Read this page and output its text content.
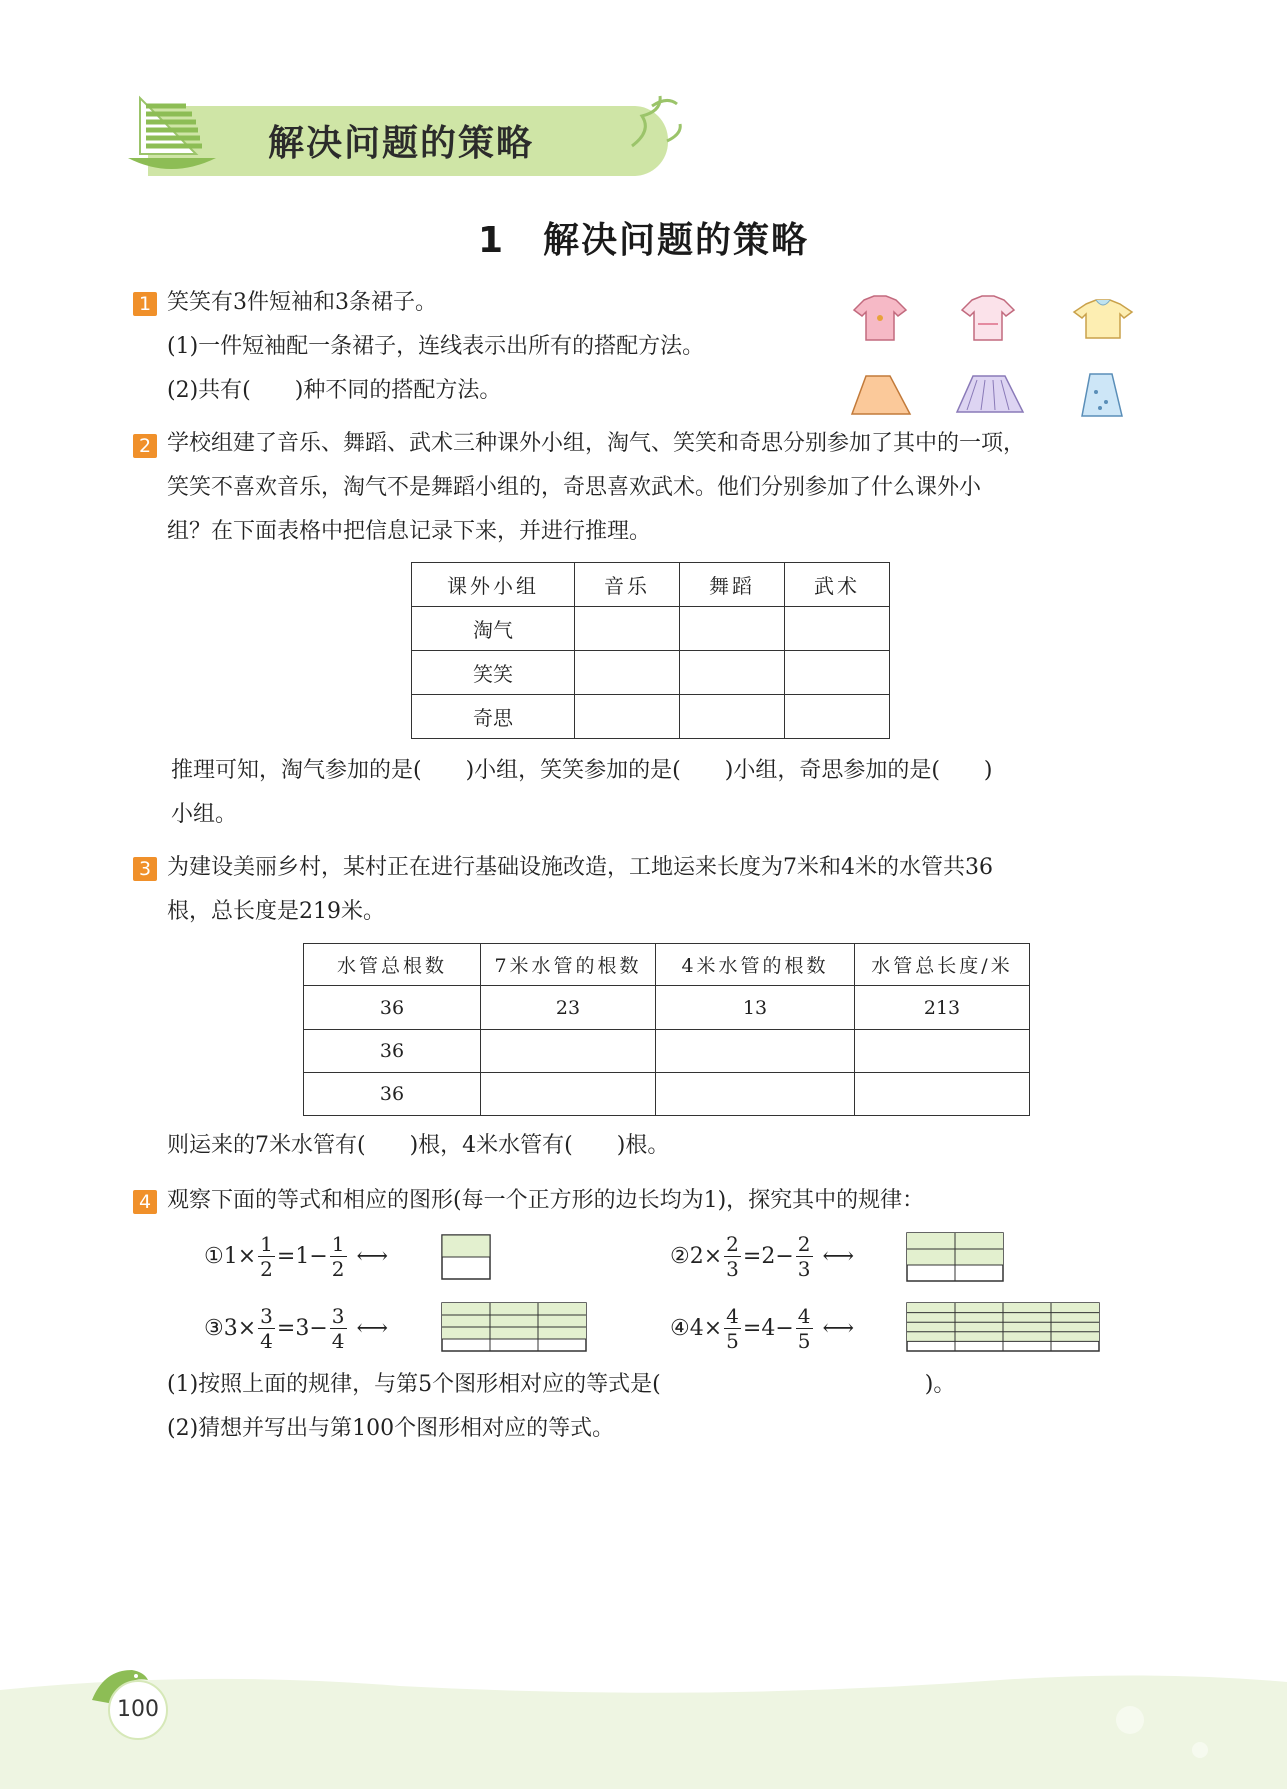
解决问题的策略
1　解决问题的策略
1 笑笑有3件短袖和3条裙子。
(1)一件短袖配一条裙子，连线表示出所有的搭配方法。
(2)共有(　　)种不同的搭配方法。
2 学校组建了音乐、舞蹈、武术三种课外小组，淘气、笑笑和奇思分别参加了其中的一项，
笑笑不喜欢音乐，淘气不是舞蹈小组的，奇思喜欢武术。他们分别参加了什么课外小
组？在下面表格中把信息记录下来，并进行推理。
课外小组	音乐	舞蹈	武术
淘气			
笑笑			
奇思			
推理可知，淘气参加的是(　　)小组，笑笑参加的是(　　)小组，奇思参加的是(　　)
小组。
3 为建设美丽乡村，某村正在进行基础设施改造，工地运来长度为7米和4米的水管共36
根，总长度是219米。
水管总根数	7米水管的根数	4米水管的根数	水管总长度/米
36	23	13	213
36			
36			
则运来的7米水管有(　　)根，4米水管有(　　)根。
4 观察下面的等式和相应的图形(每一个正方形的边长均为1)，探究其中的规律：
① $1 \times \frac{1}{2} = 1 - \frac{1}{2}$ ⟷	② $2 \times \frac{2}{3} = 2 - \frac{2}{3}$ ⟷
③ $3 \times \frac{3}{4} = 3 - \frac{3}{4}$ ⟷	④ $4 \times \frac{4}{5} = 4 - \frac{4}{5}$ ⟷
(1)按照上面的规律，与第5个图形相对应的等式是(　　　　　　　　　　　　)。
(2)猜想并写出与第100个图形相对应的等式。
100
